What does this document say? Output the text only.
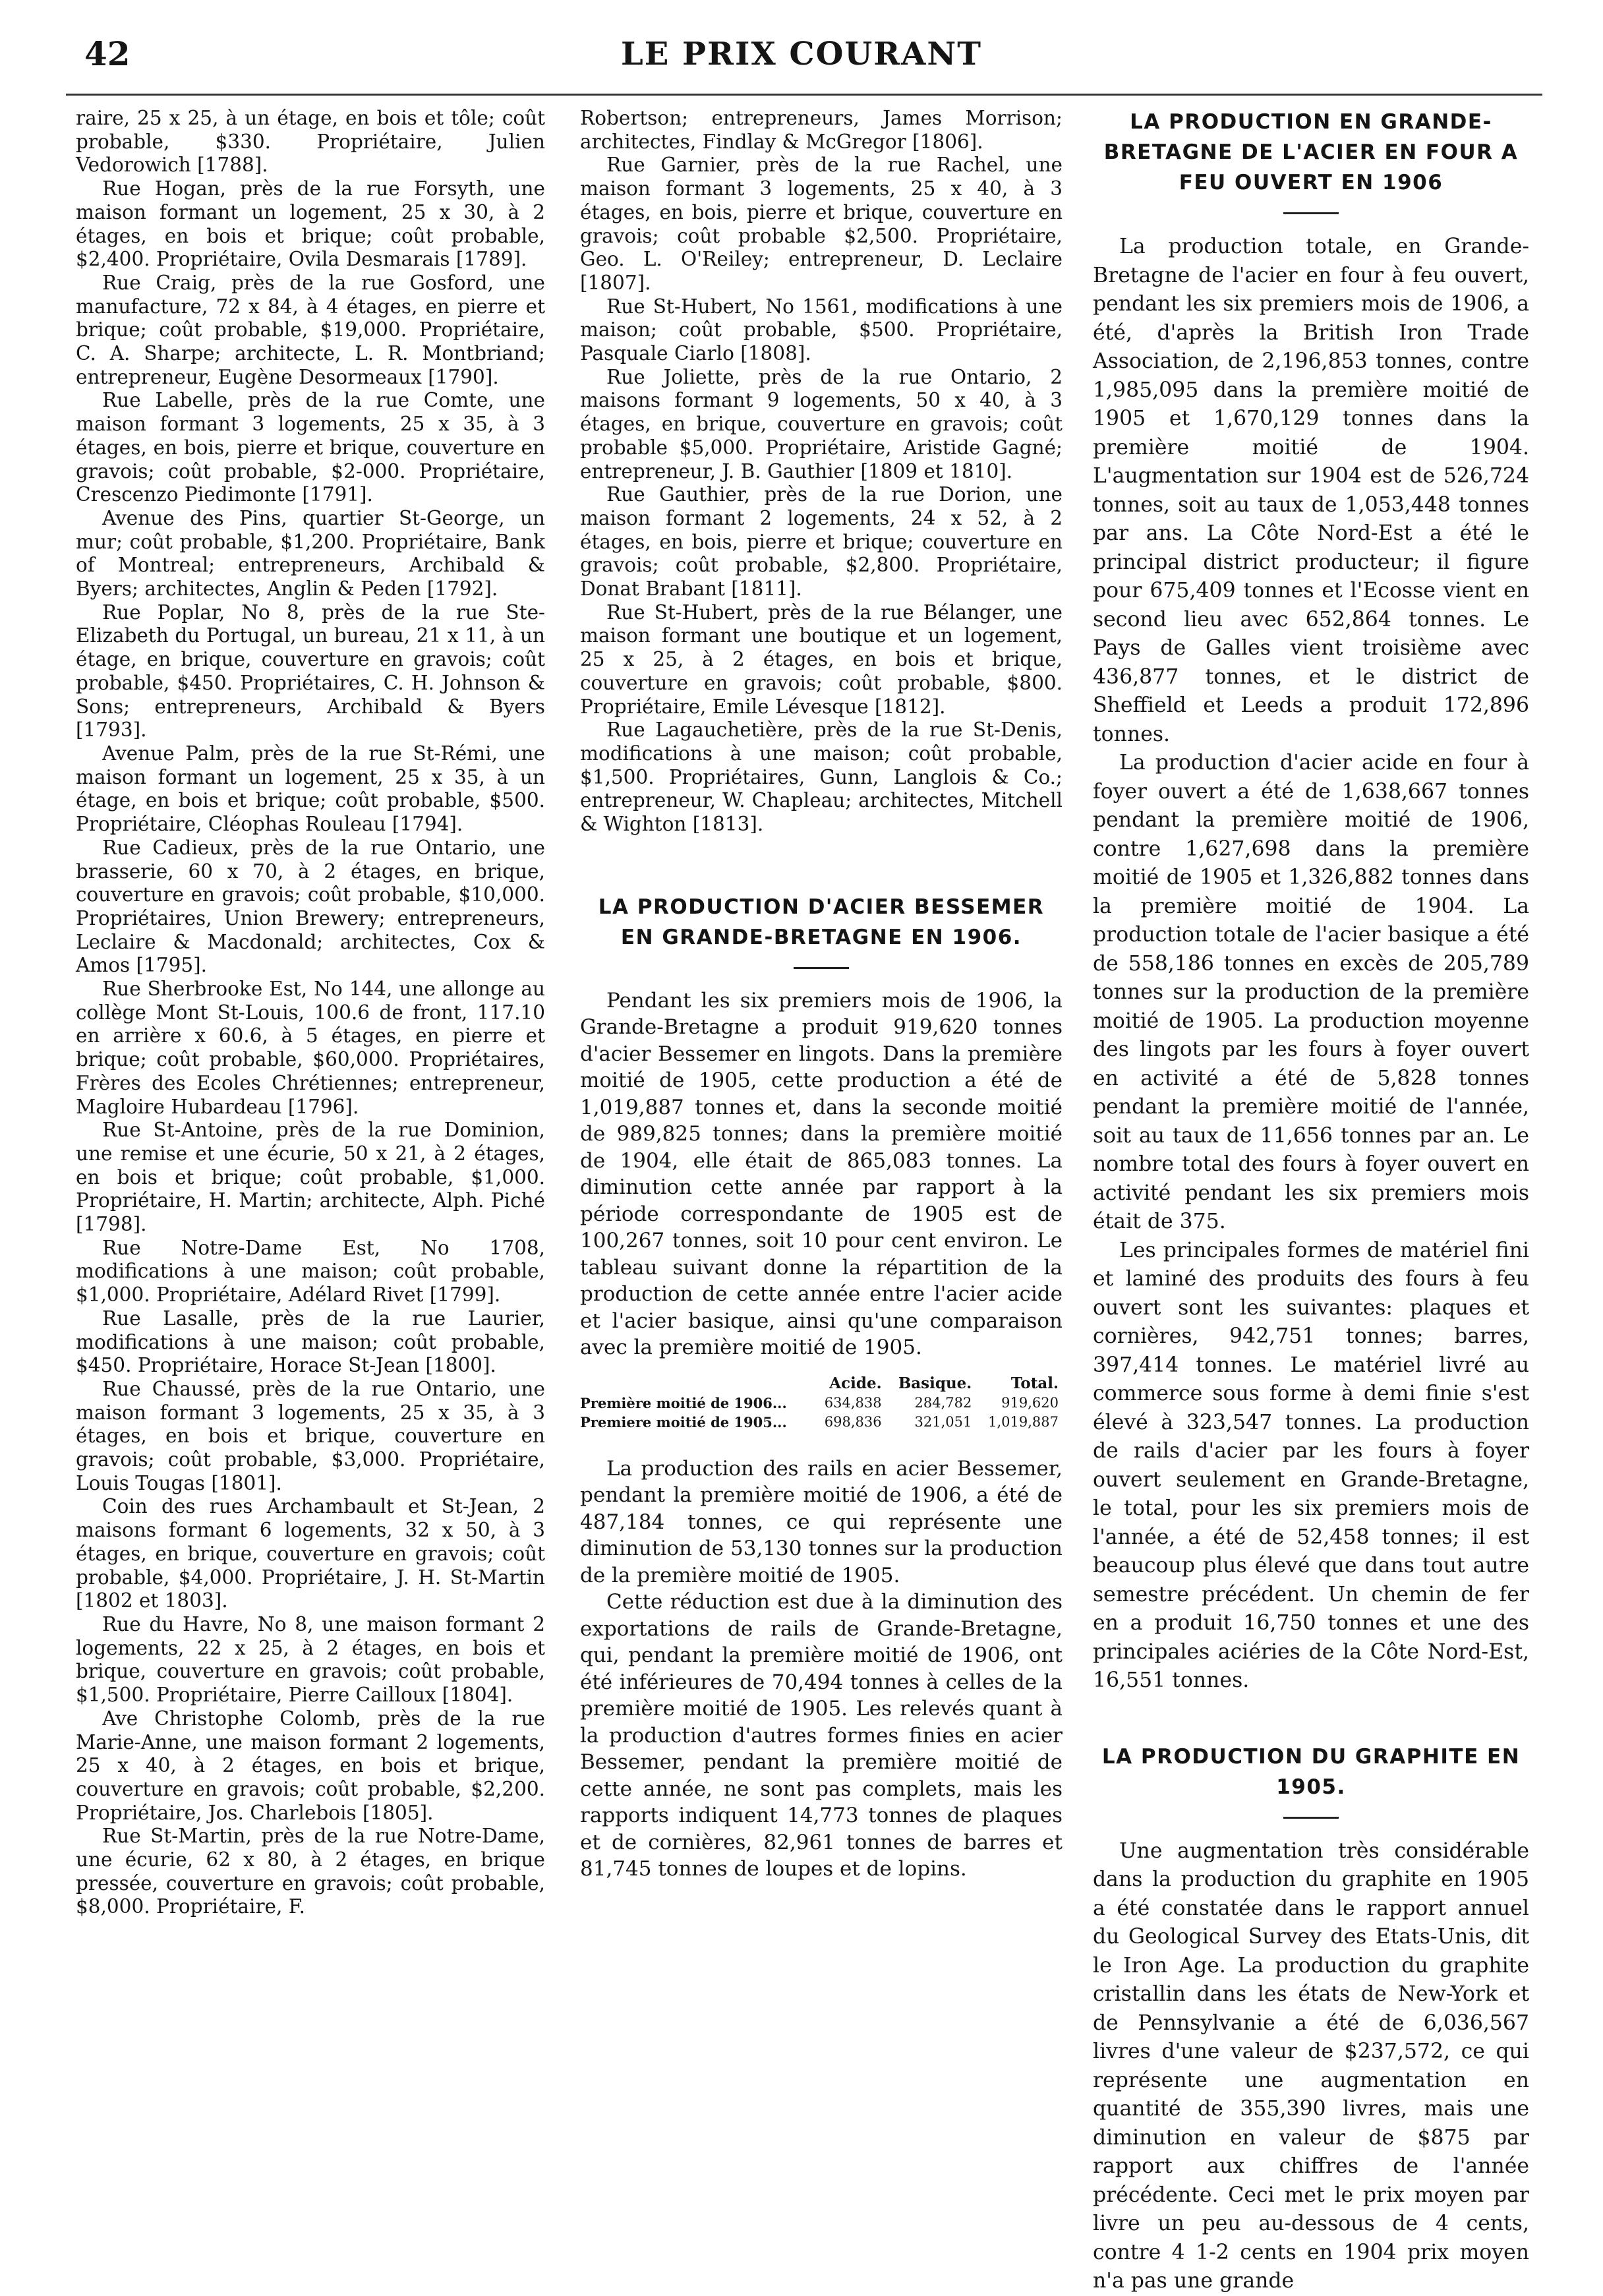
42	LE PRIX COURANT

raire, 25 x 25, à un étage, en bois et tôle; coût probable, $330. Propriétaire, Julien Vedorowich [1788].

Rue Hogan, près de la rue Forsyth, une maison formant un logement, 25 x 30, à 2 étages, en bois et brique; coût probable, $2,400. Propriétaire, Ovila Desmarais [1789].

Rue Craig, près de la rue Gosford, une manufacture, 72 x 84, à 4 étages, en pierre et brique; coût probable, $19,000. Propriétaire, C. A. Sharpe; architecte, L. R. Montbriand; entrepreneur, Eugène Desormeaux [1790].

Rue Labelle, près de la rue Comte, une maison formant 3 logements, 25 x 35, à 3 étages, en bois, pierre et brique, couverture en gravois; coût probable, $2-000. Propriétaire, Crescenzo Piedimonte [1791].

Avenue des Pins, quartier St-George, un mur; coût probable, $1,200. Propriétaire, Bank of Montreal; entrepreneurs, Archibald & Byers; architectes, Anglin & Peden [1792].

Rue Poplar, No 8, près de la rue Ste-Elizabeth du Portugal, un bureau, 21 x 11, à un étage, en brique, couverture en gravois; coût probable, $450. Propriétaires, C. H. Johnson & Sons; entrepreneurs, Archibald & Byers [1793].

Avenue Palm, près de la rue St-Rémi, une maison formant un logement, 25 x 35, à un étage, en bois et brique; coût probable, $500. Propriétaire, Cléophas Rouleau [1794].

Rue Cadieux, près de la rue Ontario, une brasserie, 60 x 70, à 2 étages, en brique, couverture en gravois; coût probable, $10,000. Propriétaires, Union Brewery; entrepreneurs, Leclaire & Macdonald; architectes, Cox & Amos [1795].

Rue Sherbrooke Est, No 144, une allonge au collège Mont St-Louis, 100.6 de front, 117.10 en arrière x 60.6, à 5 étages, en pierre et brique; coût probable, $60,000. Propriétaires, Frères des Ecoles Chrétiennes; entrepreneur, Magloire Hubardeau [1796].

Rue St-Antoine, près de la rue Dominion, une remise et une écurie, 50 x 21, à 2 étages, en bois et brique; coût probable, $1,000. Propriétaire, H. Martin; architecte, Alph. Piché [1798].

Rue Notre-Dame Est, No 1708, modifications à une maison; coût probable, $1,000. Propriétaire, Adélard Rivet [1799].

Rue Lasalle, près de la rue Laurier, modifications à une maison; coût probable, $450. Propriétaire, Horace St-Jean [1800].

Rue Chaussé, près de la rue Ontario, une maison formant 3 logements, 25 x 35, à 3 étages, en bois et brique, couverture en gravois; coût probable, $3,000. Propriétaire, Louis Tougas [1801].

Coin des rues Archambault et St-Jean, 2 maisons formant 6 logements, 32 x 50, à 3 étages, en brique, couverture en gravois; coût probable, $4,000. Propriétaire, J. H. St-Martin [1802 et 1803].

Rue du Havre, No 8, une maison formant 2 logements, 22 x 25, à 2 étages, en bois et brique, couverture en gravois; coût probable, $1,500. Propriétaire, Pierre Cailloux [1804].

Ave Christophe Colomb, près de la rue Marie-Anne, une maison formant 2 logements, 25 x 40, à 2 étages, en bois et brique, couverture en gravois; coût probable, $2,200. Propriétaire, Jos. Charlebois [1805].

Rue St-Martin, près de la rue Notre-Dame, une écurie, 62 x 80, à 2 étages, en brique pressée, couverture en gravois; coût probable, $8,000. Propriétaire, F.

Robertson; entrepreneurs, James Morrison; architectes, Findlay & McGregor [1806].

Rue Garnier, près de la rue Rachel, une maison formant 3 logements, 25 x 40, à 3 étages, en bois, pierre et brique, couverture en gravois; coût probable $2,500. Propriétaire, Geo. L. O'Reiley; entrepreneur, D. Leclaire [1807].

Rue St-Hubert, No 1561, modifications à une maison; coût probable, $500. Propriétaire, Pasquale Ciarlo [1808].

Rue Joliette, près de la rue Ontario, 2 maisons formant 9 logements, 50 x 40, à 3 étages, en brique, couverture en gravois; coût probable $5,000. Propriétaire, Aristide Gagné; entrepreneur, J. B. Gauthier [1809 et 1810].

Rue Gauthier, près de la rue Dorion, une maison formant 2 logements, 24 x 52, à 2 étages, en bois, pierre et brique; couverture en gravois; coût probable, $2,800. Propriétaire, Donat Brabant [1811].

Rue St-Hubert, près de la rue Bélanger, une maison formant une boutique et un logement, 25 x 25, à 2 étages, en bois et brique, couverture en gravois; coût probable, $800. Propriétaire, Emile Lévesque [1812].

Rue Lagauchetière, près de la rue St-Denis, modifications à une maison; coût probable, $1,500. Propriétaires, Gunn, Langlois & Co.; entrepreneur, W. Chapleau; architectes, Mitchell & Wighton [1813].

LA PRODUCTION D'ACIER BESSEMER EN GRANDE-BRETAGNE EN 1906.

Pendant les six premiers mois de 1906, la Grande-Bretagne a produit 919,620 tonnes d'acier Bessemer en lingots. Dans la première moitié de 1905, cette production a été de 1,019,887 tonnes et, dans la seconde moitié de 989,825 tonnes; dans la première moitié de 1904, elle était de 865,083 tonnes. La diminution cette année par rapport à la période correspondante de 1905 est de 100,267 tonnes, soit 10 pour cent environ. Le tableau suivant donne la répartition de la production de cette année entre l'acier acide et l'acier basique, ainsi qu'une comparaison avec la première moitié de 1905.

	Acide.	Basique.	Total.
Première moitié de 1906...	634,838	284,782	919,620
Premiere moitié de 1905...	698,836	321,051	1,019,887

La production des rails en acier Bessemer, pendant la première moitié de 1906, a été de 487,184 tonnes, ce qui représente une diminution de 53,130 tonnes sur la production de la première moitié de 1905.

Cette réduction est due à la diminution des exportations de rails de Grande-Bretagne, qui, pendant la première moitié de 1906, ont été inférieures de 70,494 tonnes à celles de la première moitié de 1905. Les relevés quant à la production d'autres formes finies en acier Bessemer, pendant la première moitié de cette année, ne sont pas complets, mais les rapports indiquent 14,773 tonnes de plaques et de cornières, 82,961 tonnes de barres et 81,745 tonnes de loupes et de lopins.

LA PRODUCTION EN GRANDE-BRETAGNE DE L'ACIER EN FOUR A FEU OUVERT EN 1906

La production totale, en Grande-Bretagne de l'acier en four à feu ouvert, pendant les six premiers mois de 1906, a été, d'après la British Iron Trade Association, de 2,196,853 tonnes, contre 1,985,095 dans la première moitié de 1905 et 1,670,129 tonnes dans la première moitié de 1904. L'augmentation sur 1904 est de 526,724 tonnes, soit au taux de 1,053,448 tonnes par ans. La Côte Nord-Est a été le principal district producteur; il figure pour 675,409 tonnes et l'Ecosse vient en second lieu avec 652,864 tonnes. Le Pays de Galles vient troisième avec 436,877 tonnes, et le district de Sheffield et Leeds a produit 172,896 tonnes.

La production d'acier acide en four à foyer ouvert a été de 1,638,667 tonnes pendant la première moitié de 1906, contre 1,627,698 dans la première moitié de 1905 et 1,326,882 tonnes dans la première moitié de 1904. La production totale de l'acier basique a été de 558,186 tonnes en excès de 205,789 tonnes sur la production de la première moitié de 1905. La production moyenne des lingots par les fours à foyer ouvert en activité a été de 5,828 tonnes pendant la première moitié de l'année, soit au taux de 11,656 tonnes par an. Le nombre total des fours à foyer ouvert en activité pendant les six premiers mois était de 375.

Les principales formes de matériel fini et laminé des produits des fours à feu ouvert sont les suivantes: plaques et cornières, 942,751 tonnes; barres, 397,414 tonnes. Le matériel livré au commerce sous forme à demi finie s'est élevé à 323,547 tonnes. La production de rails d'acier par les fours à foyer ouvert seulement en Grande-Bretagne, le total, pour les six premiers mois de l'année, a été de 52,458 tonnes; il est beaucoup plus élevé que dans tout autre semestre précédent. Un chemin de fer en a produit 16,750 tonnes et une des principales aciéries de la Côte Nord-Est, 16,551 tonnes.

LA PRODUCTION DU GRAPHITE EN 1905.

Une augmentation très considérable dans la production du graphite en 1905 a été constatée dans le rapport annuel du Geological Survey des Etats-Unis, dit le Iron Age. La production du graphite cristallin dans les états de New-York et de Pennsylvanie a été de 6,036,567 livres d'une valeur de $237,572, ce qui représente une augmentation en quantité de 355,390 livres, mais une diminution en valeur de $875 par rapport aux chiffres de l'année précédente. Ceci met le prix moyen par livre un peu au-dessous de 4 cents, contre 4 1-2 cents en 1904 prix moyen n'a pas une grande
